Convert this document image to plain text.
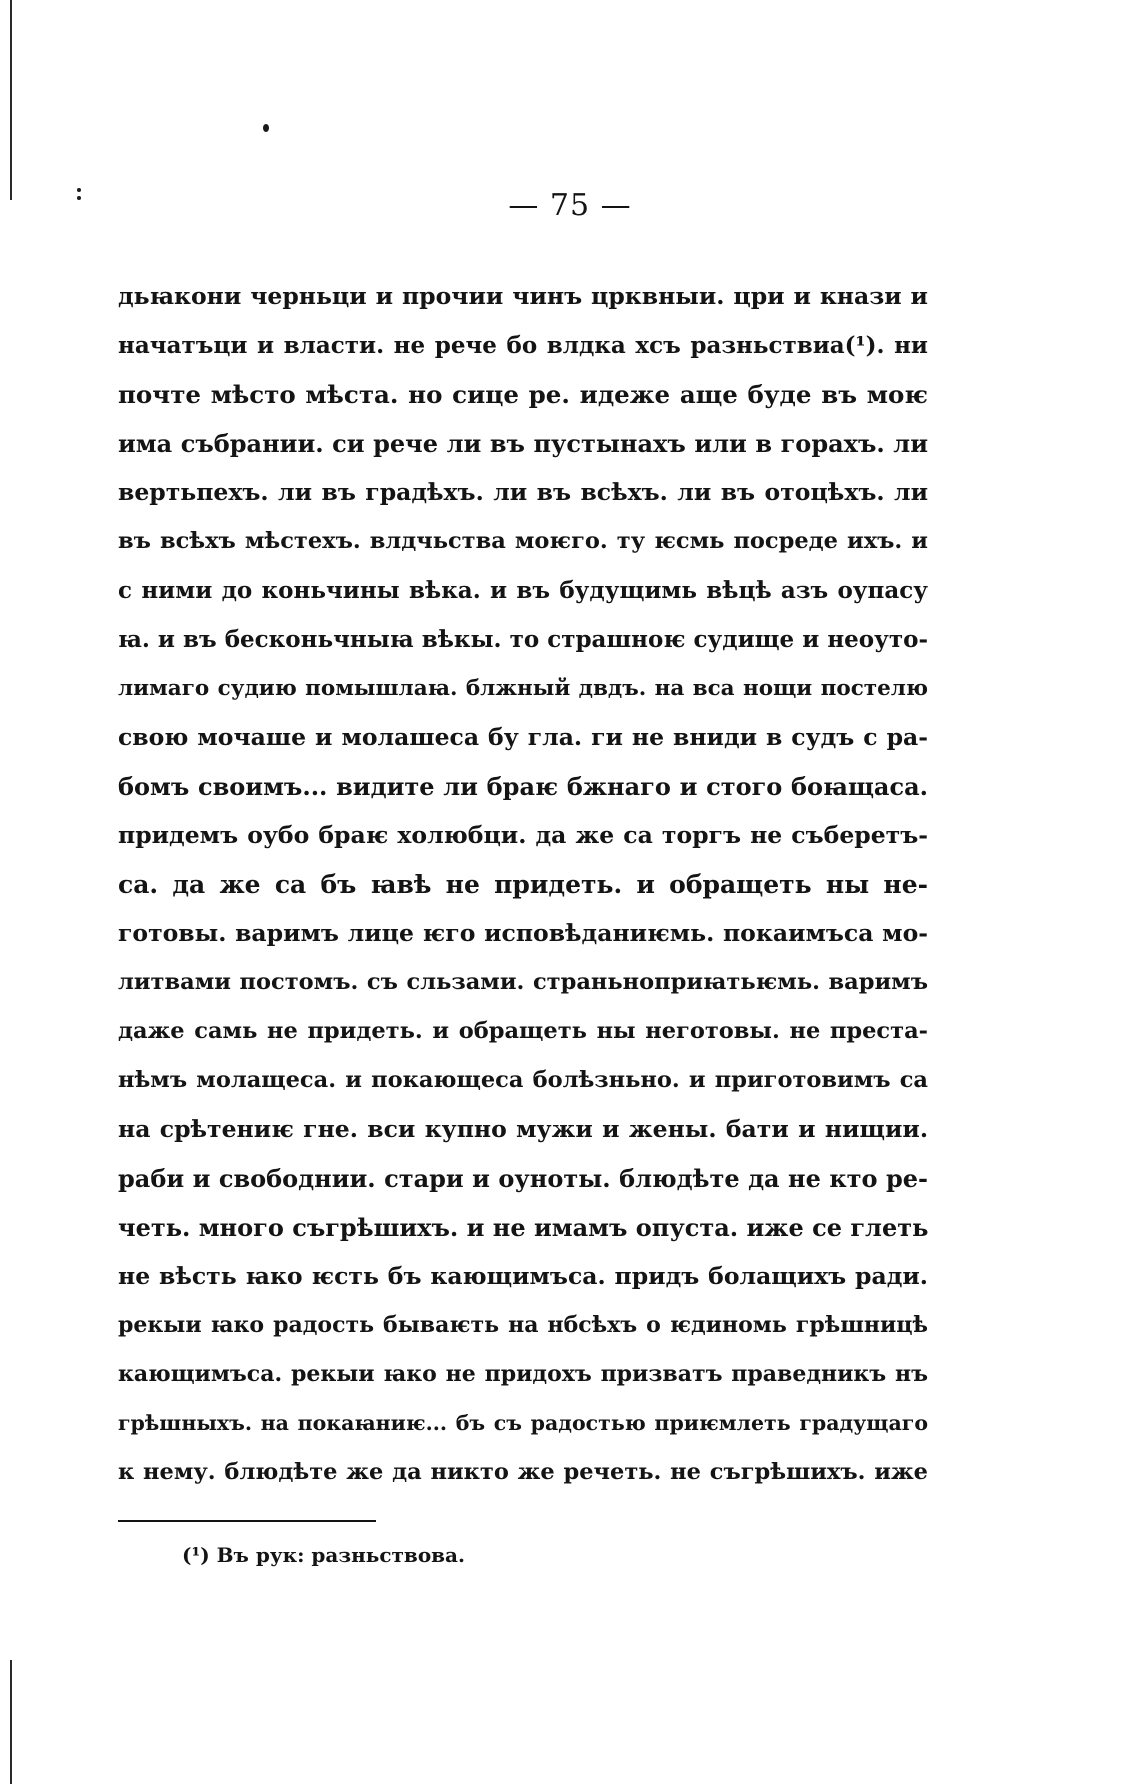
— 75 —
дьꙗкони черньци и прочии чинъ црквныи. цри и кнази и
начатъци и власти. не рече бо влдка хсъ разньствиа(¹). ни
почте мѣсто мѣста. но сице ре. идеже аще буде въ моѥ
има събрании. си рече ли въ пустынахъ или в горахъ. ли
вертьпехъ. ли въ градѣхъ. ли въ всѣхъ. ли въ отоцѣхъ. ли
въ всѣхъ мѣстехъ. влдчьства моѥго. ту ѥсмь посреде ихъ. и
с ними до коньчины вѣка. и въ будущимь вѣцѣ азъ оупасу
ꙗ. и въ бесконьчныꙗ вѣкы. то страшноѥ судище и неоуто-
лимаго судию помышлаꙗ. блжный двдъ. на вса нощи постелю
свою мочаше и молашеса бу гла. ги не вниди в судъ с ра-
бомъ своимъ... видите ли браѥ бжнаго и стого боꙗщаса.
придемъ оубо браѥ холюбци. да же са торгъ не съберетъ-
са. да же са бъ ꙗвѣ не придеть. и обращеть ны не-
готовы. варимъ лице ѥго исповѣданиѥмь. покаимъса мо-
литвами постомъ. съ сльзами. страньноприꙗтьѥмь. варимъ
даже самь не придеть. и обращеть ны неготовы. не преста-
нѣмъ молащеса. и покающеса болѣзньно. и приготовимъ са
на срѣтениѥ гне. вси купно мужи и жены. бати и нищии.
раби и свободнии. стари и оуноты. блюдѣте да не кто ре-
четь. много съгрѣшихъ. и не имамъ опуста. иже се глеть
не вѣсть ꙗко ѥсть бъ кающимъса. придъ болащихъ ради.
рекыи ꙗко радость бываѥть на нбсѣхъ о ѥдиномь грѣшницѣ
кающимъса. рекыи ꙗко не придохъ призватъ праведникъ нъ
грѣшныхъ. на покаꙗниѥ... бъ съ радостью приѥмлеть градущаго
к нему. блюдѣте же да никто же речеть. не съгрѣшихъ. иже
(¹) Въ рук: разньствова.
